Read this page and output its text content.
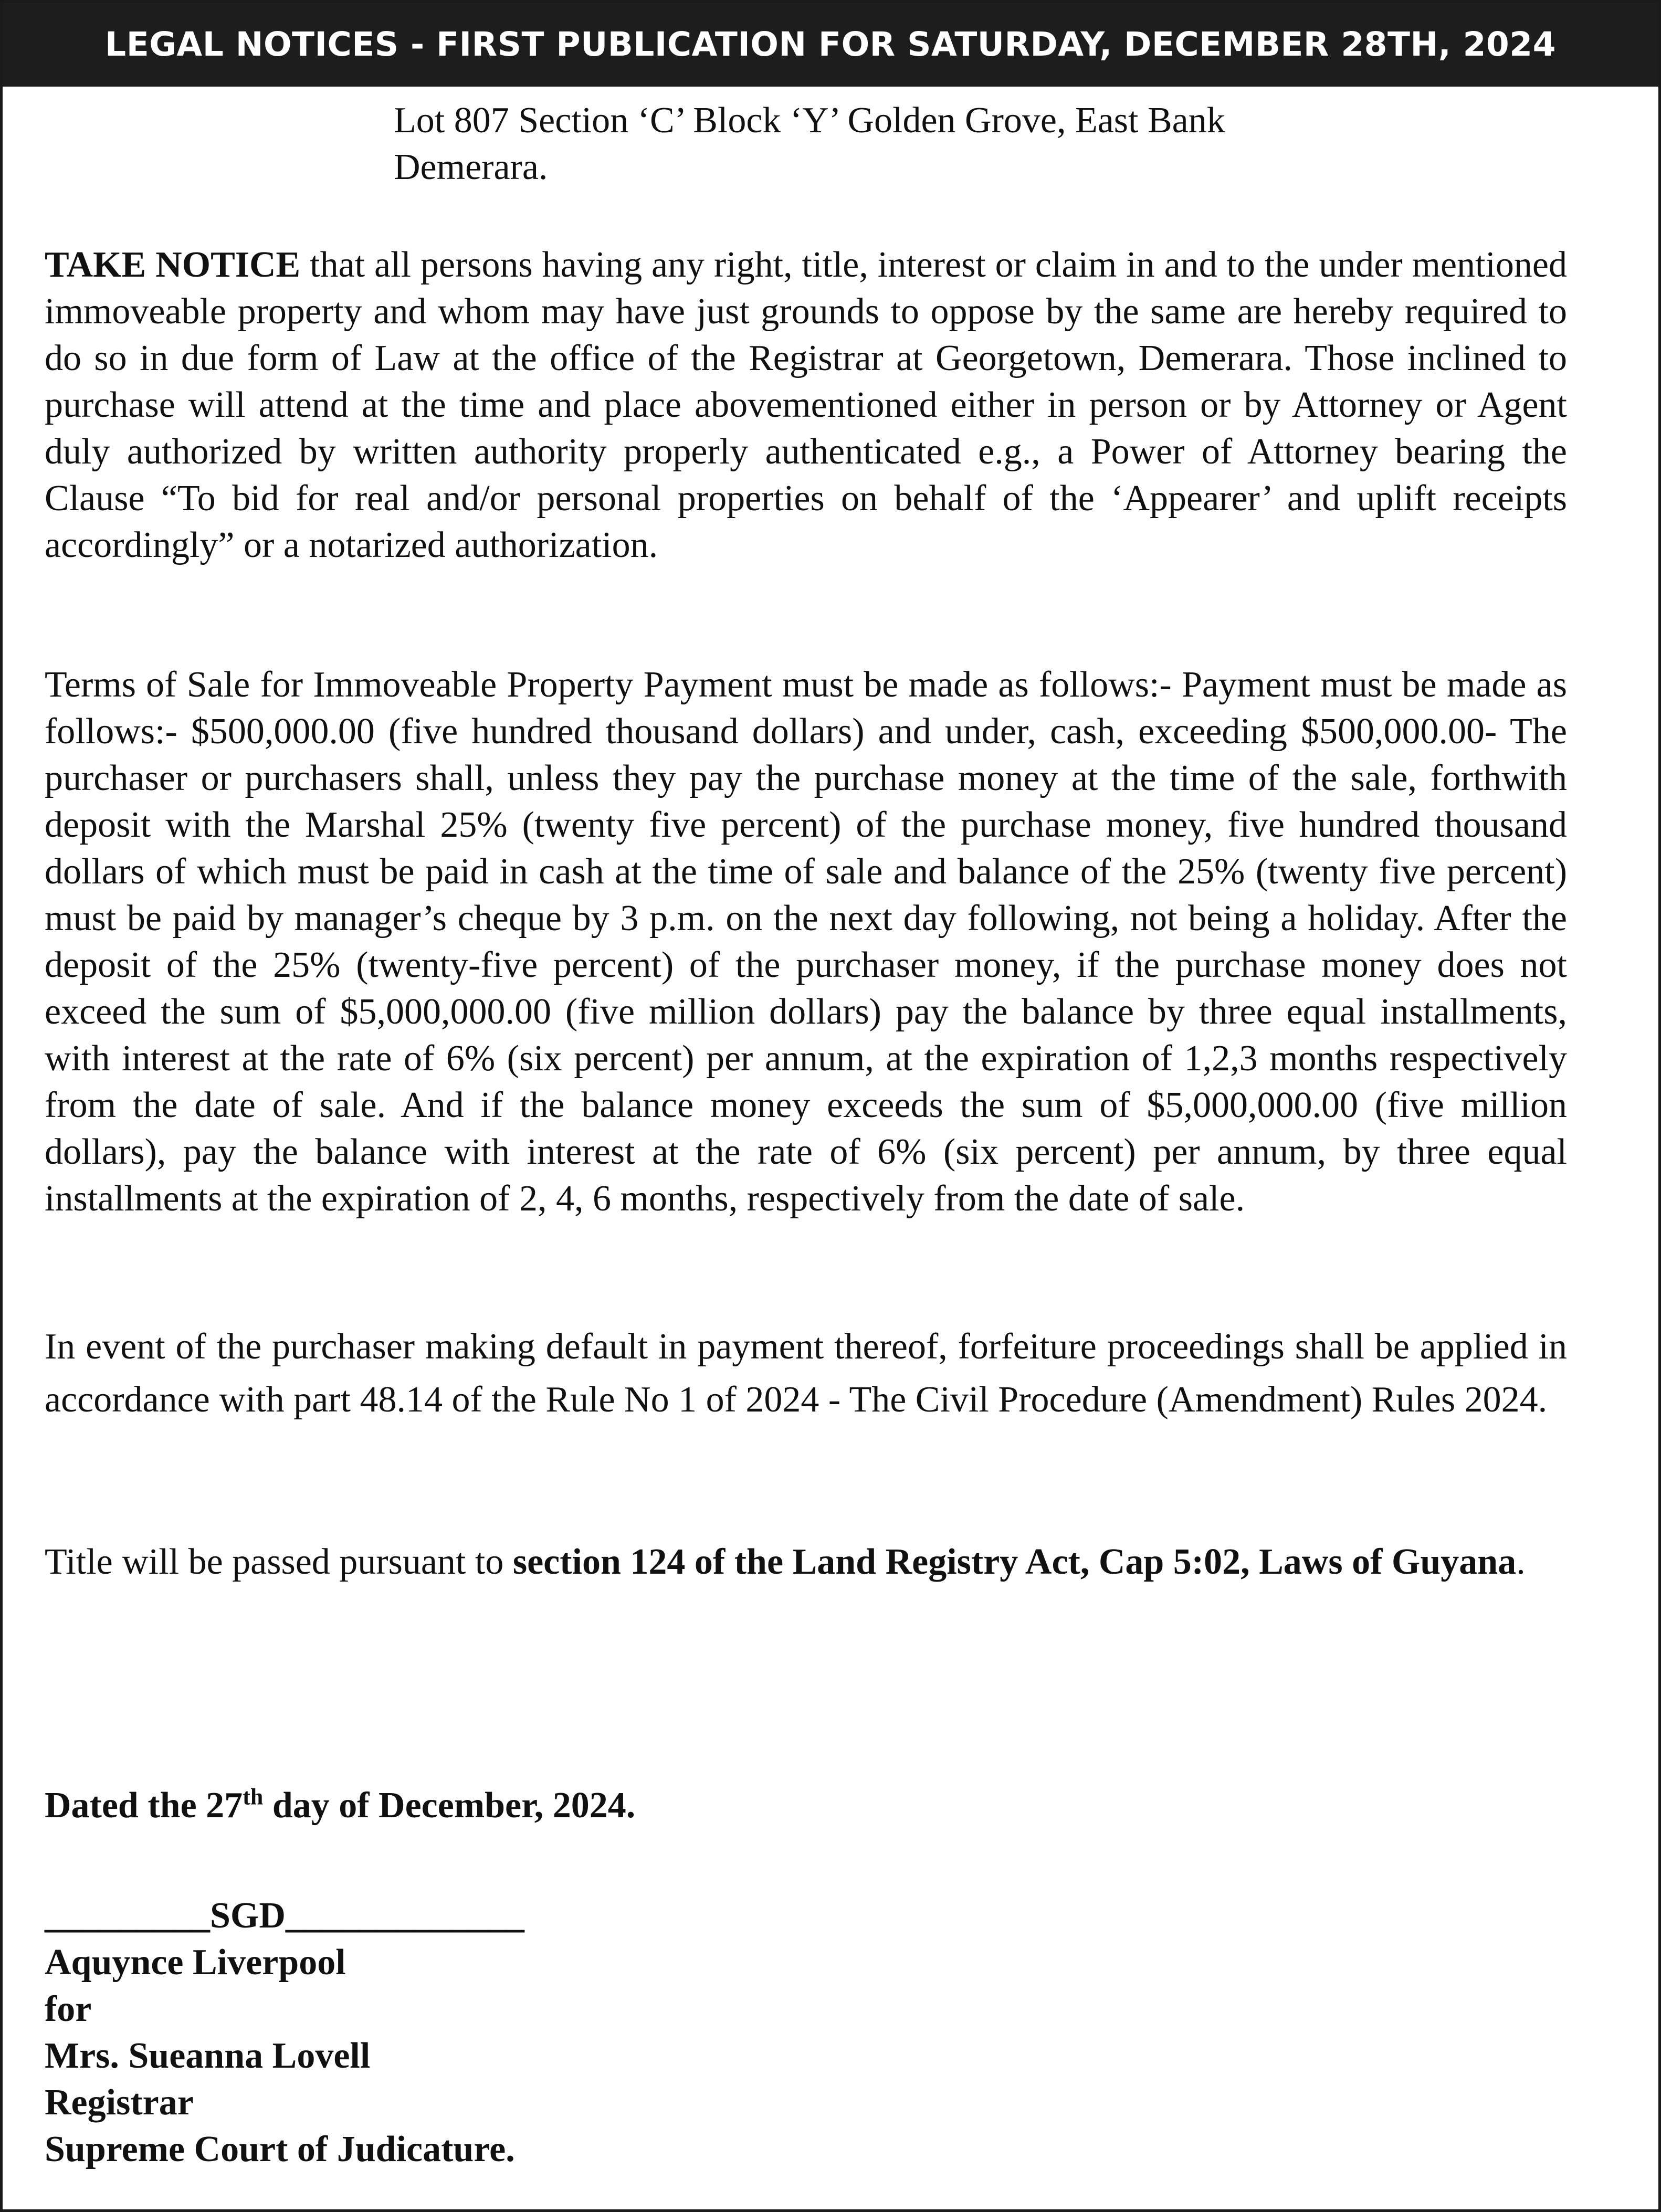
LEGAL NOTICES - FIRST PUBLICATION FOR SATURDAY, DECEMBER 28TH, 2024
Lot 807 Section ‘C’ Block ‘Y’ Golden Grove, East Bank
Demerara.
TAKE NOTICE that all persons having any right, title, interest or claim in and to the under mentioned immoveable property and whom may have just grounds to oppose by the same are hereby required to do so in due form of Law at the office of the Registrar at Georgetown, Demerara. Those inclined to purchase will attend at the time and place abovementioned either in person or by Attorney or Agent duly authorized by written authority properly authenticated e.g., a Power of Attorney bearing the Clause “To bid for real and/or personal properties on behalf of the ‘Appearer’ and uplift receipts accordingly” or a notarized authorization.
Terms of Sale for Immoveable Property Payment must be made as follows:- Payment must be made as follows:- $500,000.00 (five hundred thousand dollars) and under, cash, exceeding $500,000.00- The purchaser or purchasers shall, unless they pay the purchase money at the time of the sale, forthwith deposit with the Marshal 25% (twenty five percent) of the purchase money, five hundred thousand dollars of which must be paid in cash at the time of sale and balance of the 25% (twenty five percent) must be paid by manager’s cheque by 3 p.m. on the next day following, not being a holiday. After the deposit of the 25% (twenty-five percent) of the purchaser money, if the purchase money does not exceed the sum of $5,000,000.00 (five million dollars) pay the balance by three equal installments, with interest at the rate of 6% (six percent) per annum, at the expiration of 1,2,3 months respectively from the date of sale. And if the balance money exceeds the sum of $5,000,000.00 (five million dollars), pay the balance with interest at the rate of 6% (six percent) per annum, by three equal installments at the expiration of 2, 4, 6 months, respectively from the date of sale.
In event of the purchaser making default in payment thereof, forfeiture proceedings shall be applied in accordance with part 48.14 of the Rule No 1 of 2024 - The Civil Procedure (Amendment) Rules 2024.
Title will be passed pursuant to section 124 of the Land Registry Act, Cap 5:02, Laws of Guyana.
Dated the 27th day of December, 2024.
_________SGD_____________
Aquynce Liverpool
for
Mrs. Sueanna Lovell
Registrar
Supreme Court of Judicature.
